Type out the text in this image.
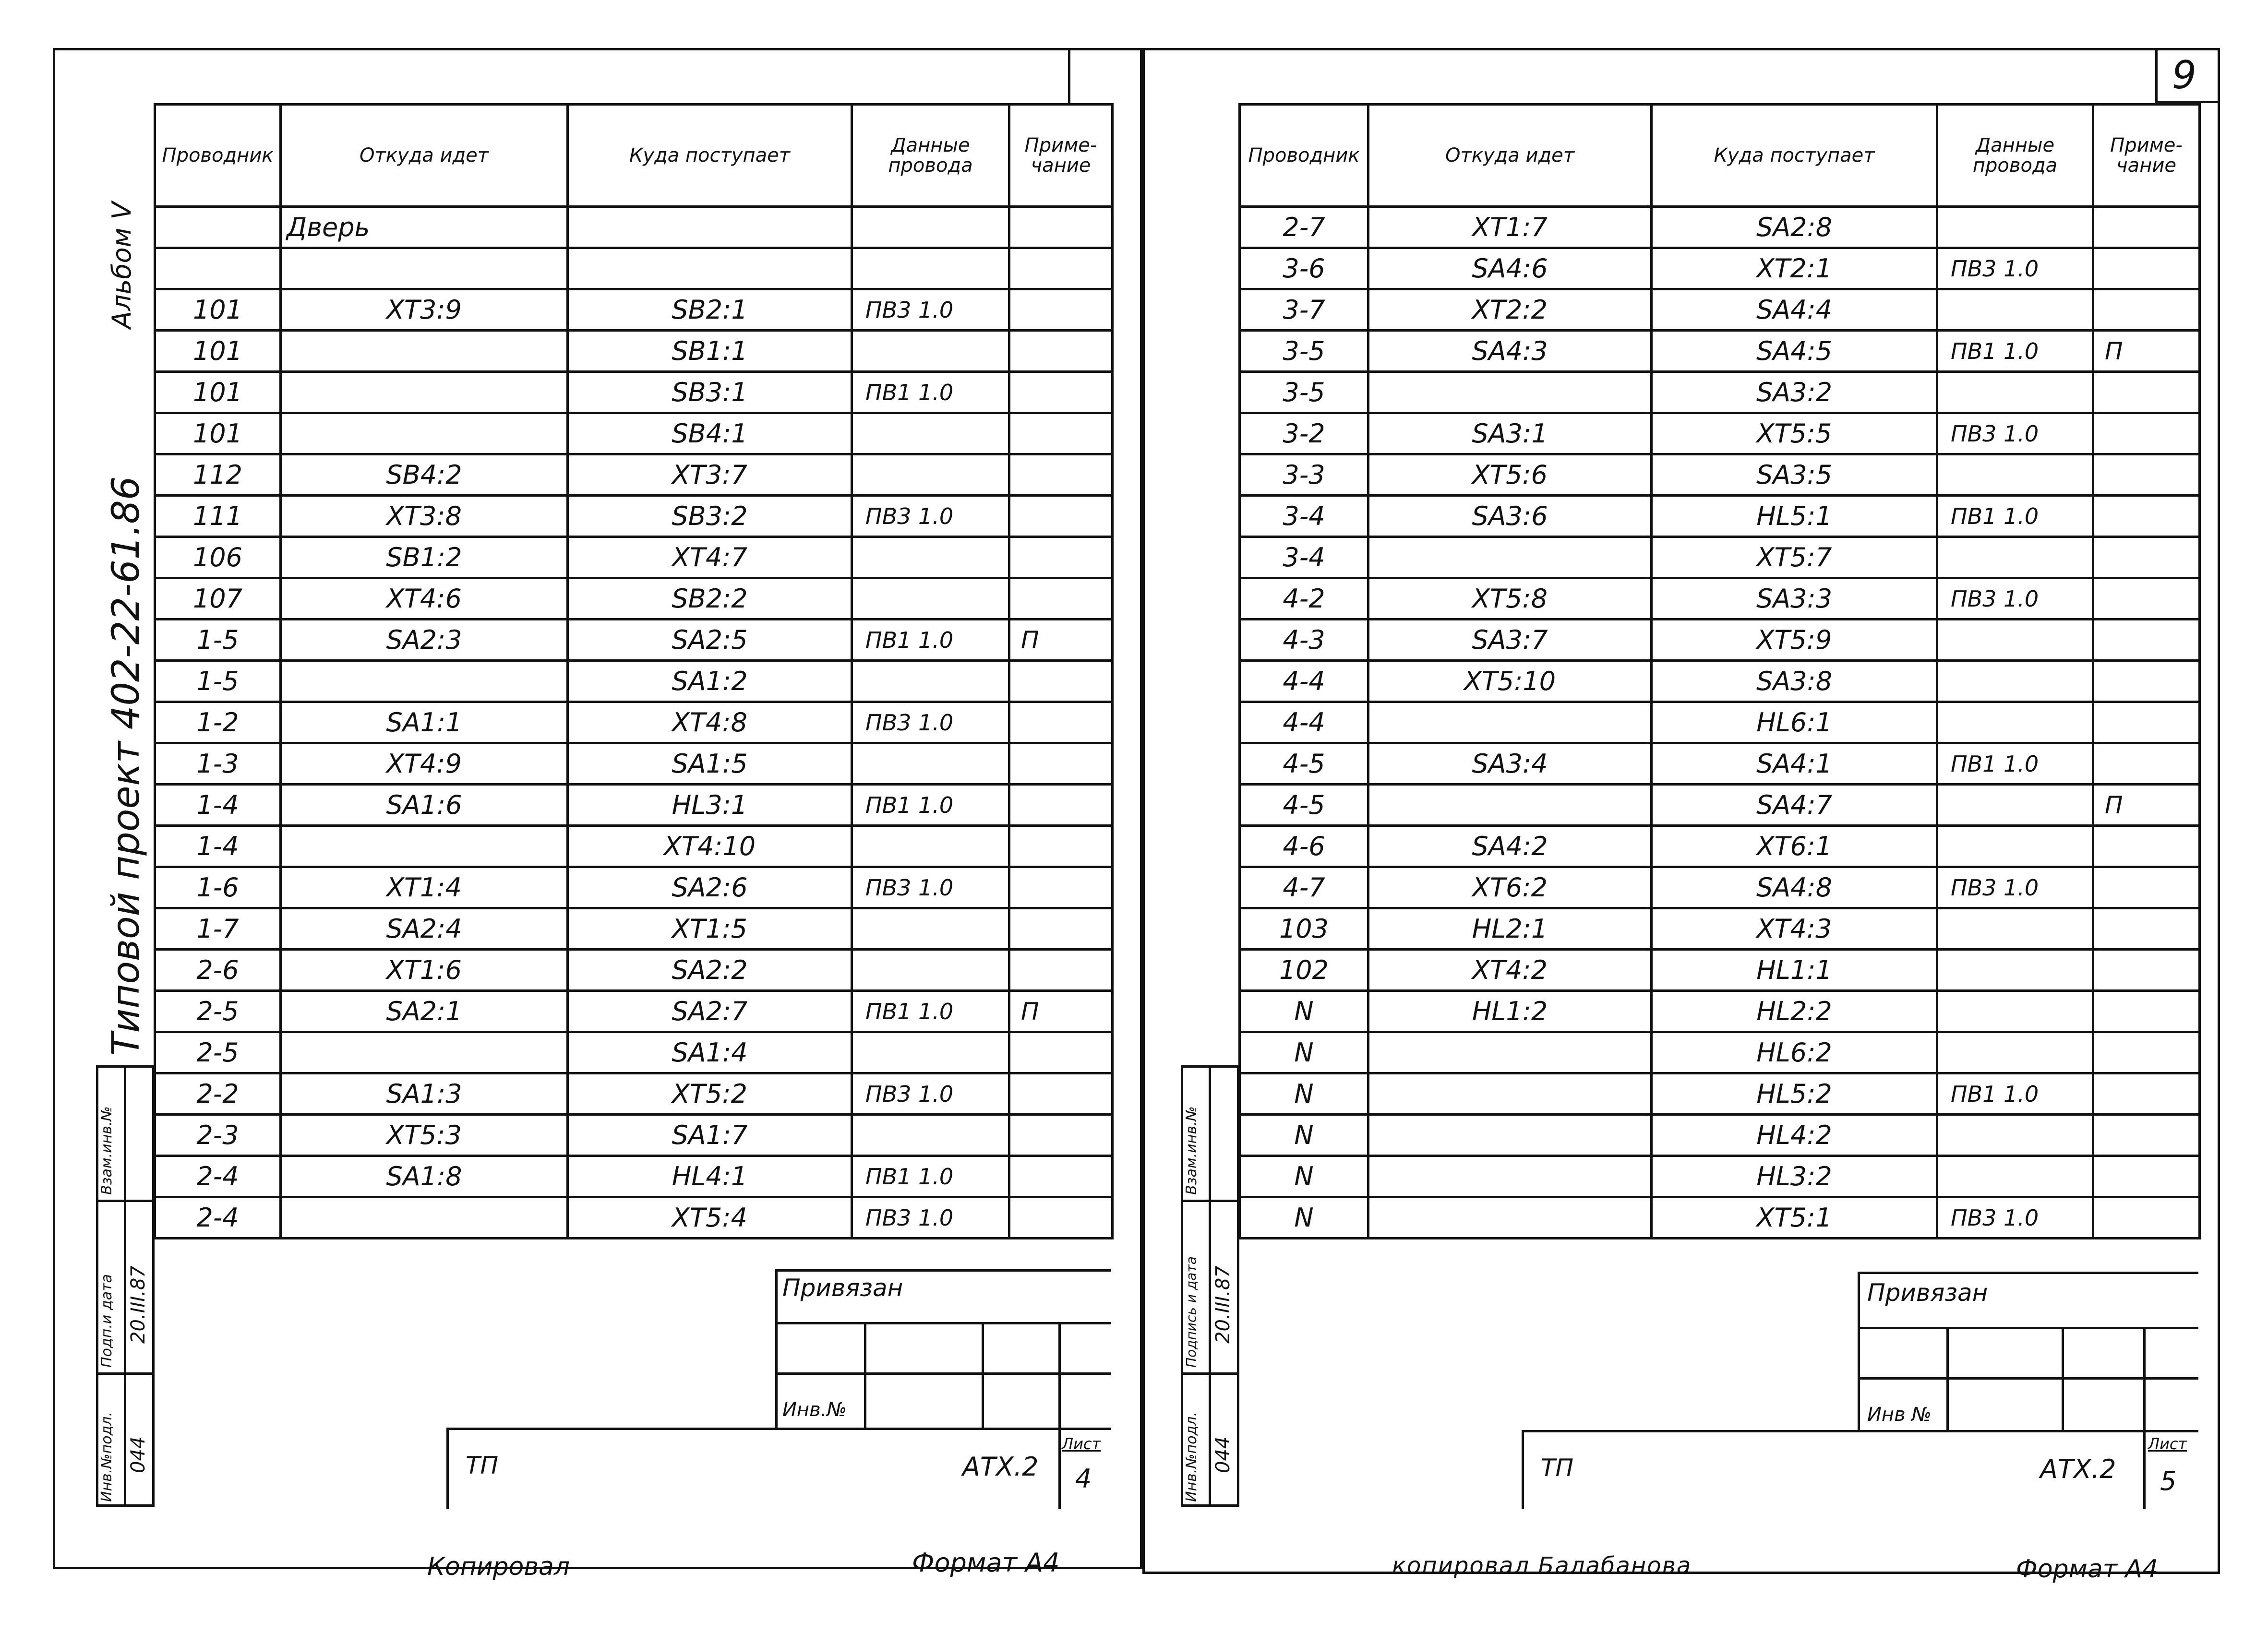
Альбом V
Типовой проект 402-22-61.86
Проводник	Откуда идет	Куда поступает	Данные провода	Приме-чание
	Дверь			

101	XT3:9	SB2:1	ПВ3 1.0	
101		SB1:1		
101		SB3:1	ПВ1 1.0	
101		SB4:1		
112	SB4:2	XT3:7		
111	XT3:8	SB3:2	ПВ3 1.0	
106	SB1:2	XT4:7		
107	XT4:6	SB2:2		
1-5	SA2:3	SA2:5	ПВ1 1.0	П
1-5		SA1:2		
1-2	SA1:1	XT4:8	ПВ3 1.0	
1-3	XT4:9	SA1:5		
1-4	SA1:6	HL3:1	ПВ1 1.0	
1-4		XT4:10		
1-6	XT1:4	SA2:6	ПВ3 1.0	
1-7	SA2:4	XT1:5		
2-6	XT1:6	SA2:2		
2-5	SA2:1	SA2:7	ПВ1 1.0	П
2-5		SA1:4		
2-2	SA1:3	XT5:2	ПВ3 1.0	
2-3	XT5:3	SA1:7		
2-4	SA1:8	HL4:1	ПВ1 1.0	
2-4		XT5:4	ПВ3 1.0	
Взам.инв.№
Подп.и дата 20.III.87
Инв.№подл. 044
Привязан
Инв.№
ТП	АТХ.2
Лист
4
Копировал	Формат А4
9
Проводник	Откуда идет	Куда поступает	Данные провода	Приме-чание
2-7	XT1:7	SA2:8		
3-6	SA4:6	XT2:1	ПВ3 1.0	
3-7	XT2:2	SA4:4		
3-5	SA4:3	SA4:5	ПВ1 1.0	П
3-5		SA3:2		
3-2	SA3:1	XT5:5	ПВ3 1.0	
3-3	XT5:6	SA3:5		
3-4	SA3:6	HL5:1	ПВ1 1.0	
3-4		XT5:7		
4-2	XT5:8	SA3:3	ПВ3 1.0	
4-3	SA3:7	XT5:9		
4-4	XT5:10	SA3:8		
4-4		HL6:1		
4-5	SA3:4	SA4:1	ПВ1 1.0	
4-5		SA4:7		П
4-6	SA4:2	XT6:1		
4-7	XT6:2	SA4:8	ПВ3 1.0	
103	HL2:1	XT4:3		
102	XT4:2	HL1:1		
N	HL1:2	HL2:2		
N		HL6:2		
N		HL5:2	ПВ1 1.0	
N		HL4:2		
N		HL3:2		
N		XT5:1	ПВ3 1.0	
Взам.инв.№
Подпись и дата 20.III.87
Инв.№подл. 044
Привязан
Инв №
ТП	АТХ.2
Лист
5
копировал Балабанова	Формат А4
